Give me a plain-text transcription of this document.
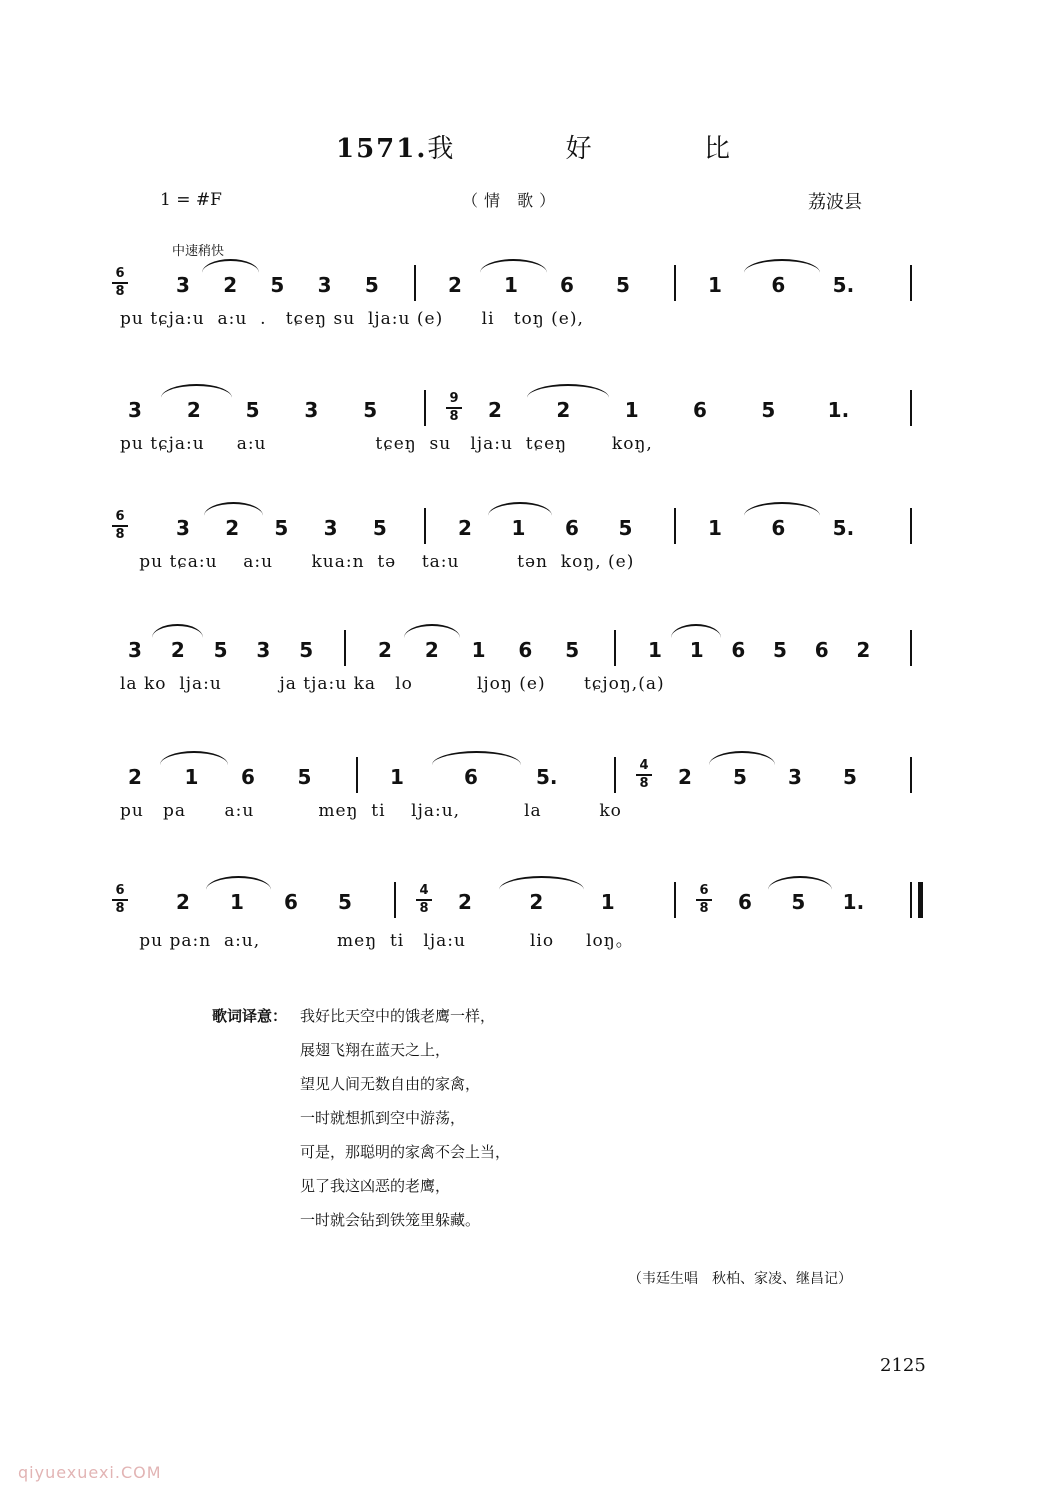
1571.我 好 比
1 = #F	（情 歌）	荔波县
中速稍快
6
8	3 2 5 3 5	2 1 6 5	1 6 5.
pu tɕja:u  a:u  .   tɕeŋ su  lja:u (e)      li   toŋ (e),
3 2 5 3 5	9
8 2	2	1	6	5	1.
pu tɕja:u     a:u                 tɕeŋ  su   lja:u  tɕeŋ       koŋ,
6
8	3 2 5 3 5	2 1 6 5	1 6 5.
pu tɕa:u    a:u      kua:n  tə    ta:u         tən  koŋ, (e)
3 2 5 3 5	2 2 1 6 5	1 1 6 5 6 2
la ko  lja:u         ja tja:u ka   lo          ljoŋ (e)      tɕjoŋ,(a)
2 1 6 5	1	6	5.	4
8 2 5 3 5
pu   pa      a:u          meŋ  ti    lja:u,          la         ko
6
8	2 1 6 5	4
8 2	2	1	6
8 6 5 1.
pu pa:n  a:u,            meŋ  ti   lja:u          lio     loŋ。
歌词译意： 我好比天空中的饿老鹰一样，
展翅飞翔在蓝天之上，
望见人间无数自由的家禽，
一时就想抓到空中游荡，
可是，那聪明的家禽不会上当，
见了我这凶恶的老鹰，
一时就会钻到铁笼里躲藏。
（韦廷生唱　秋柏、家凌、继昌记）
2125
qiyuexuexi.COM
